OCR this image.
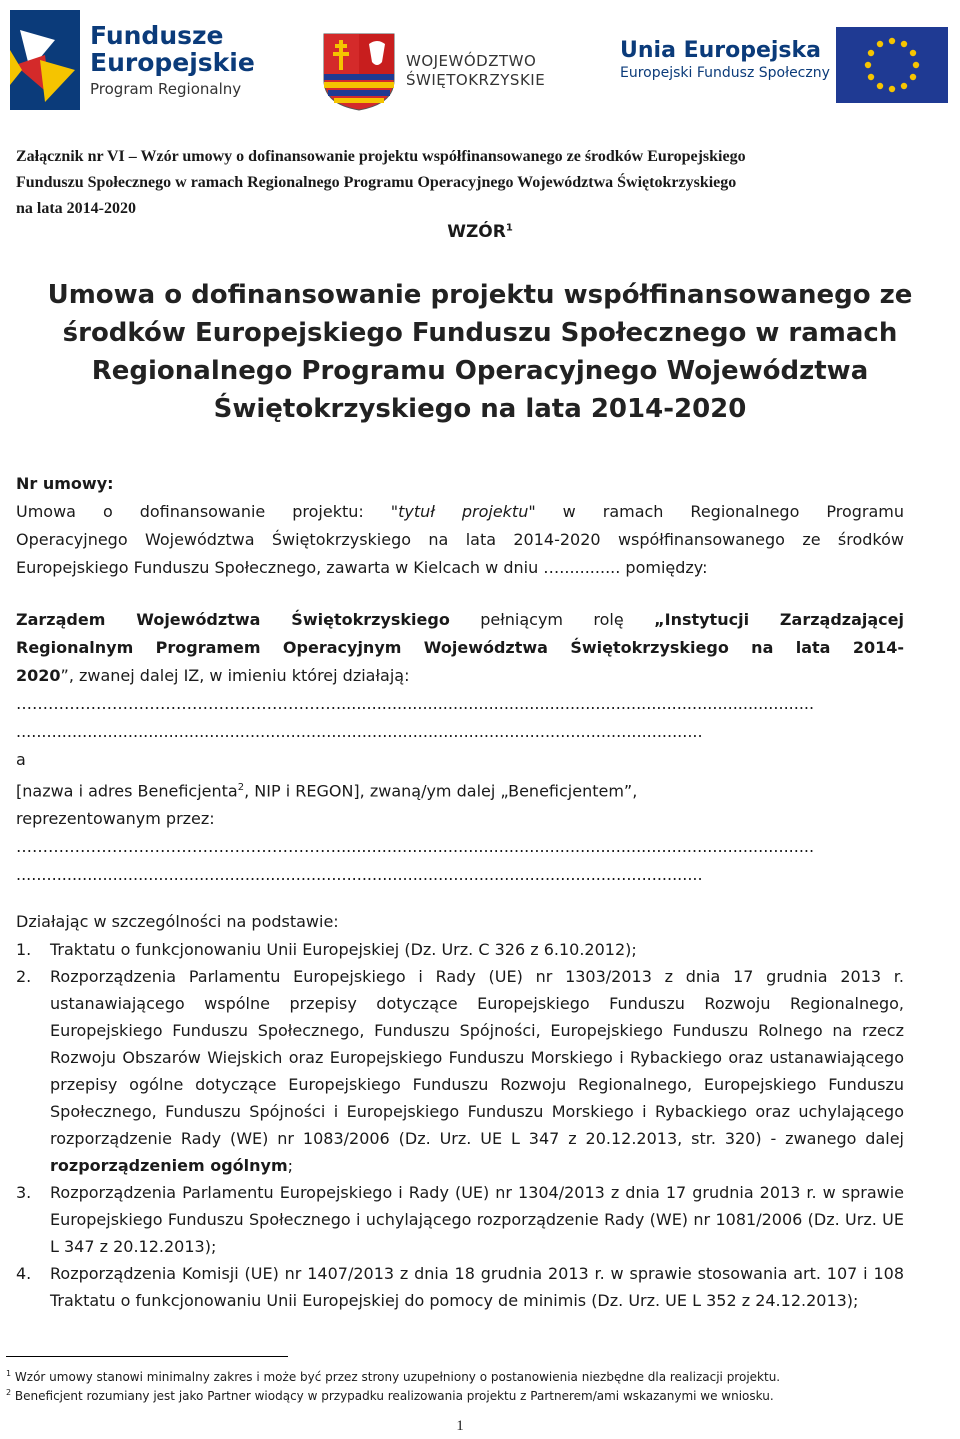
Fundusze
Europejskie
Program Regionalny
WOJEWÓDZTWO
ŚWIĘTOKRZYSKIE
Unia Europejska
Europejski Fundusz Społeczny
Załącznik nr VI – Wzór umowy o dofinansowanie projektu współfinansowanego ze środków Europejskiego
Funduszu Społecznego w ramach Regionalnego Programu Operacyjnego Województwa Świętokrzyskiego
na lata 2014-2020
WZÓR$^1$
Umowa o dofinansowanie projektu współfinansowanego ze
środków Europejskiego Funduszu Społecznego w ramach
Regionalnego Programu Operacyjnego Województwa
Świętokrzyskiego na lata 2014-2020
Nr umowy:
Umowa o dofinansowanie projektu: "tytuł projektu" w ramach Regionalnego Programu
Operacyjnego Województwa Świętokrzyskiego na lata 2014-2020 współfinansowanego ze środków
Europejskiego Funduszu Społecznego, zawarta w Kielcach w dniu …............ pomiędzy:
Zarządem Województwa Świętokrzyskiego pełniącym rolę „Instytucji Zarządzającej
Regionalnym Programem Operacyjnym Województwa Świętokrzyskiego na lata 2014-
2020”, zwanej dalej IZ, w imieniu której działają:
……………………………………………………..............................................................................................
.......................................................................................................................................
a
[nazwa i adres Beneficjenta$^2$, NIP i REGON], zwaną/ym dalej „Beneficjentem”,
reprezentowanym przez:
……………………………………………………..............................................................................................
.......................................................................................................................................
Działając w szczególności na podstawie:
1. Traktatu o funkcjonowaniu Unii Europejskiej (Dz. Urz. C 326 z 6.10.2012);
2. Rozporządzenia Parlamentu Europejskiego i Rady (UE) nr 1303/2013 z dnia 17 grudnia 2013 r. ustanawiającego wspólne przepisy dotyczące Europejskiego Funduszu Rozwoju Regionalnego, Europejskiego Funduszu Społecznego, Funduszu Spójności, Europejskiego Funduszu Rolnego na rzecz Rozwoju Obszarów Wiejskich oraz Europejskiego Funduszu Morskiego i Rybackiego oraz ustanawiającego przepisy ogólne dotyczące Europejskiego Funduszu Rozwoju Regionalnego, Europejskiego Funduszu Społecznego, Funduszu Spójności i Europejskiego Funduszu Morskiego i Rybackiego oraz uchylającego rozporządzenie Rady (WE) nr 1083/2006 (Dz. Urz. UE L 347 z 20.12.2013, str. 320) - zwanego dalej rozporządzeniem ogólnym;
3. Rozporządzenia Parlamentu Europejskiego i Rady (UE) nr 1304/2013 z dnia 17 grudnia 2013 r. w sprawie Europejskiego Funduszu Społecznego i uchylającego rozporządzenie Rady (WE) nr 1081/2006 (Dz. Urz. UE L 347 z 20.12.2013);
4. Rozporządzenia Komisji (UE) nr 1407/2013 z dnia 18 grudnia 2013 r. w sprawie stosowania art. 107 i 108 Traktatu o funkcjonowaniu Unii Europejskiej do pomocy de minimis (Dz. Urz. UE L 352 z 24.12.2013);
$^1$ Wzór umowy stanowi minimalny zakres i może być przez strony uzupełniony o postanowienia niezbędne dla realizacji projektu.
$^2$ Beneficjent rozumiany jest jako Partner wiodący w przypadku realizowania projektu z Partnerem/ami wskazanymi we wniosku.
1
